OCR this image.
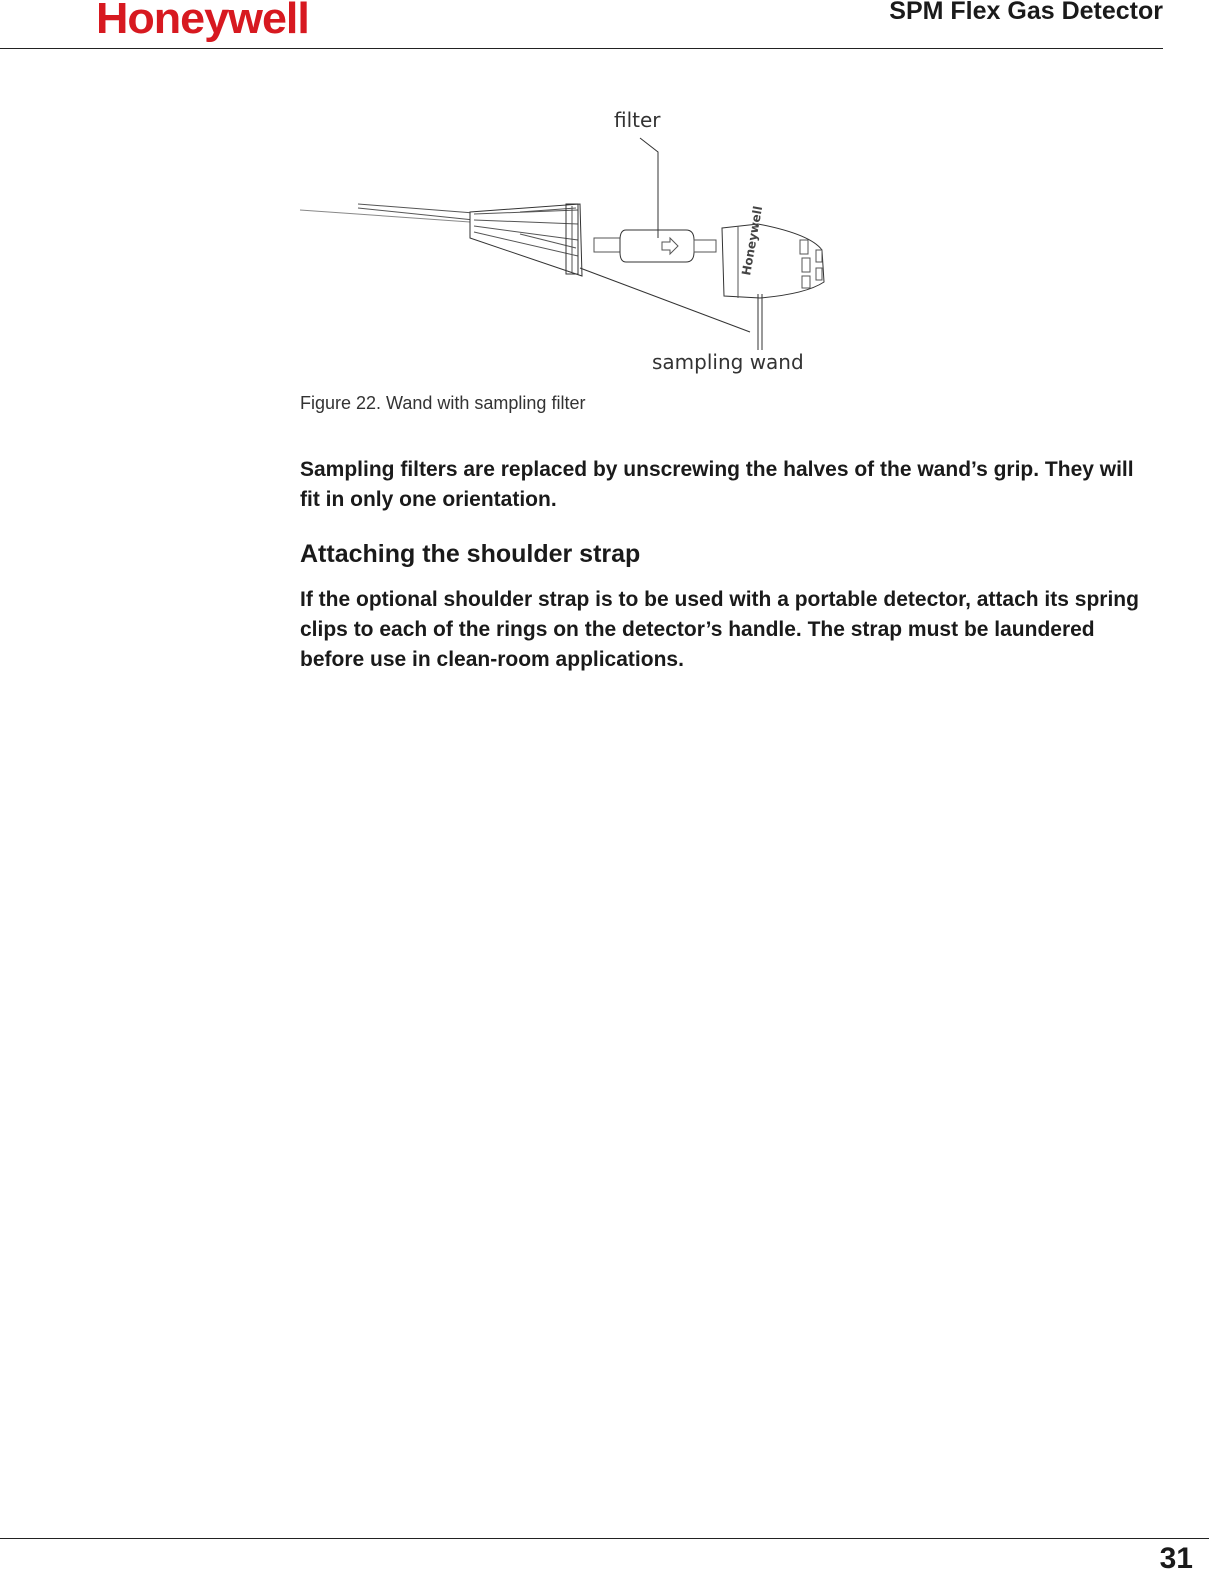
Honeywell	SPM Flex Gas Detector
Honeywell
filter
sampling wand
Figure 22. Wand with sampling filter
Sampling filters are replaced by unscrewing the halves of the wand’s grip. They will fit in only one orientation.
Attaching the shoulder strap
If the optional shoulder strap is to be used with a portable detector, attach its spring clips to each of the rings on the detector’s handle. The strap must be laundered before use in clean-room applications.
31
